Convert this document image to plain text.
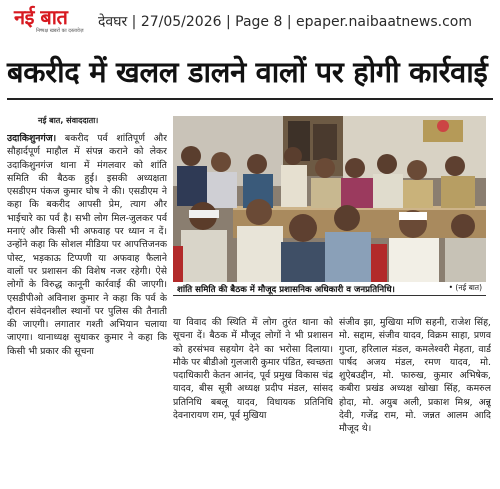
नई बात
निष्पक्ष खबरों का दस्तावेज़
देवघर | 27/05/2026 | Page 8 | epaper.naibaatnews.com
बकरीद में खलल डालने वालों पर होगी कार्रवाई
नई बात, संवाददाता।
उदाकिशुनगंज। बकरीद पर्व शांतिपूर्ण और सौहार्दपूर्ण माहौल में संपन्न कराने को लेकर उदाकिशुनगंज थाना में मंगलवार को शांति समिति की बैठक हुई। इसकी अध्यक्षता एसडीएम पंकज कुमार घोष ने की। एसडीएम ने कहा कि बकरीद आपसी प्रेम, त्याग और भाईचारे का पर्व है। सभी लोग मिल-जुलकर पर्व मनाएं और किसी भी अफवाह पर ध्यान न दें। उन्होंने कहा कि सोशल मीडिया पर आपत्तिजनक पोस्ट, भड़काऊ टिप्पणी या अफवाह फैलाने वालों पर प्रशासन की विशेष नजर रहेगी। ऐसे लोगों के विरुद्ध कानूनी कार्रवाई की जाएगी। एसडीपीओ अविनाश कुमार ने कहा कि पर्व के दौरान संवेदनशील स्थानों पर पुलिस की तैनाती की जाएगी। लगातार गश्ती अभियान चलाया जाएगा। थानाध्यक्ष सुधाकर कुमार ने कहा कि किसी भी प्रकार की सूचना
शांति समिति की बैठक में मौजूद प्रशासनिक अधिकारी व जनप्रतिनिधि।	• (नई बात)
या विवाद की स्थिति में लोग तुरंत थाना को सूचना दें। बैठक में मौजूद लोगों ने भी प्रशासन को हरसंभव सहयोग देने का भरोसा दिलाया। मौके पर बीडीओ गुलजारी कुमार पंडित, स्वच्छता पदाधिकारी केतन आनंद, पूर्व प्रमुख विकास चंद्र यादव, बीस सूत्री अध्यक्ष प्रदीप मंडल, सांसद प्रतिनिधि बबलू यादव, विधायक प्रतिनिधि देवनारायण राम, पूर्व मुखिया
संजीव झा, मुखिया मणि सहनी, राजेश सिंह, मो. सद्दाम, संजीव यादव, विक्रम साहा, प्रणव गुप्ता, हरिलाल मंडल, कमलेश्वरी मेहता, वार्ड पार्षद अजय मंडल, रमण यादव, मो. शुऐबउद्दीन, मो. फारुख, कुमार अभिषेक, कबीरा प्रखंड अध्यक्ष खोखा सिंह, कमरुल होदा, मो. अयुब अली, प्रकाश मिश्र, अन्नू देवी, गजेंद्र राम, मो. जन्नत आलम आदि मौजूद थे।
